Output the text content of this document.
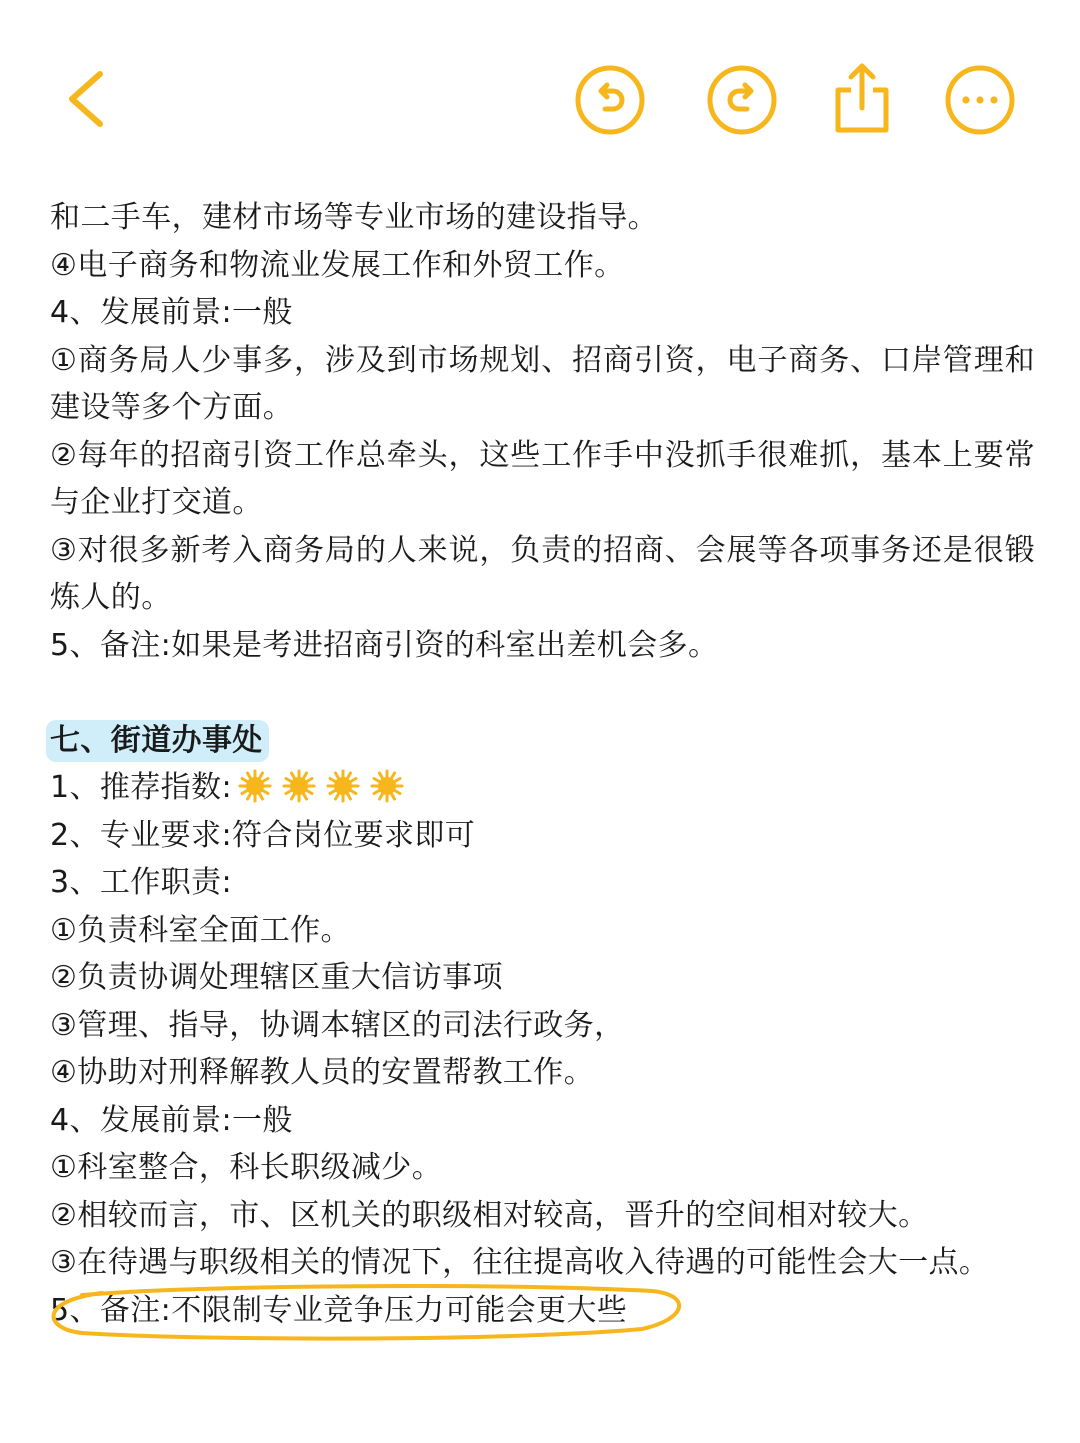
和二手车，建材市场等专业市场的建设指导。

④电子商务和物流业发展工作和外贸工作。

4、发展前景:一般

①商务局人少事多，涉及到市场规划、招商引资，电子商务、口岸管理和建设等多个方面。

②每年的招商引资工作总牵头，这些工作手中没抓手很难抓，基本上要常与企业打交道。

③对很多新考入商务局的人来说，负责的招商、会展等各项事务还是很锻炼人的。

5、备注:如果是考进招商引资的科室出差机会多。

七、街道办事处

1、推荐指数:

2、专业要求:符合岗位要求即可

3、工作职责:

①负责科室全面工作。

②负责协调处理辖区重大信访事项

③管理、指导，协调本辖区的司法行政务，

④协助对刑释解教人员的安置帮教工作。

4、发展前景:一般

①科室整合，科长职级减少。

②相较而言，市、区机关的职级相对较高，晋升的空间相对较大。

③在待遇与职级相关的情况下，往往提高收入待遇的可能性会大一点。

5、备注:不限制专业竞争压力可能会更大些
